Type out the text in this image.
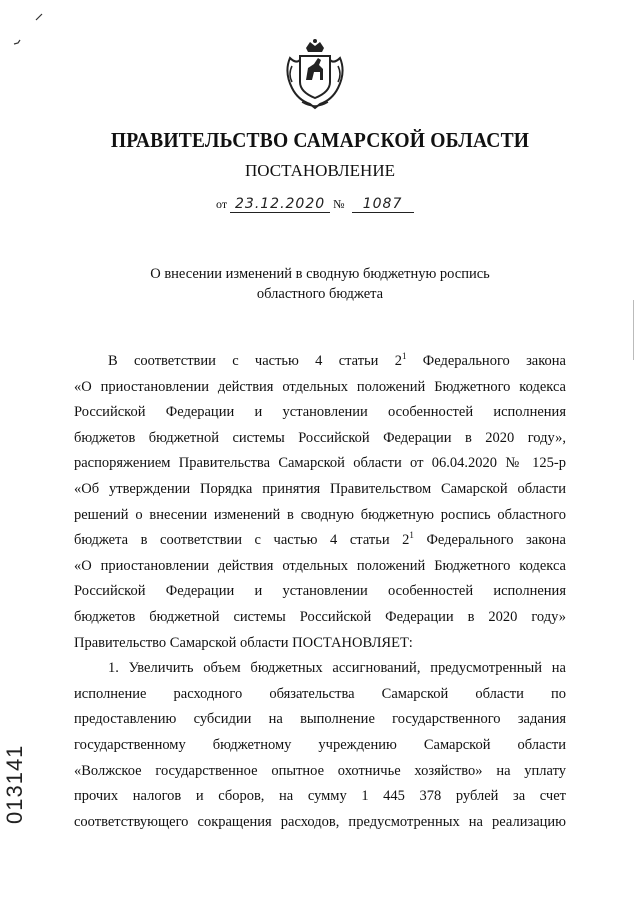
ПРАВИТЕЛЬСТВО САМАРСКОЙ ОБЛАСТИ
ПОСТАНОВЛЕНИЕ
от 23.12.2020 № 1087
О внесении изменений в сводную бюджетную роспись
областного бюджета
В соответствии с частью 4 статьи $2^1$ Федерального закона
«О приостановлении действия отдельных положений Бюджетного кодекса
Российской Федерации и установлении особенностей исполнения
бюджетов бюджетной системы Российской Федерации в 2020 году»,
распоряжением Правительства Самарской области от 06.04.2020 № 125-р
«Об утверждении Порядка принятия Правительством Самарской области
решений о внесении изменений в сводную бюджетную роспись областного
бюджета в соответствии с частью 4 статьи $2^1$ Федерального закона
«О приостановлении действия отдельных положений Бюджетного кодекса
Российской Федерации и установлении особенностей исполнения
бюджетов бюджетной системы Российской Федерации в 2020 году»
Правительство Самарской области ПОСТАНОВЛЯЕТ:
1. Увеличить объем бюджетных ассигнований, предусмотренный на
исполнение расходного обязательства Самарской области по
предоставлению субсидии на выполнение государственного задания
государственному бюджетному учреждению Самарской области
«Волжское государственное опытное охотничье хозяйство» на уплату
прочих налогов и сборов, на сумму 1 445 378 рублей за счет
соответствующего сокращения расходов, предусмотренных на реализацию
013141
